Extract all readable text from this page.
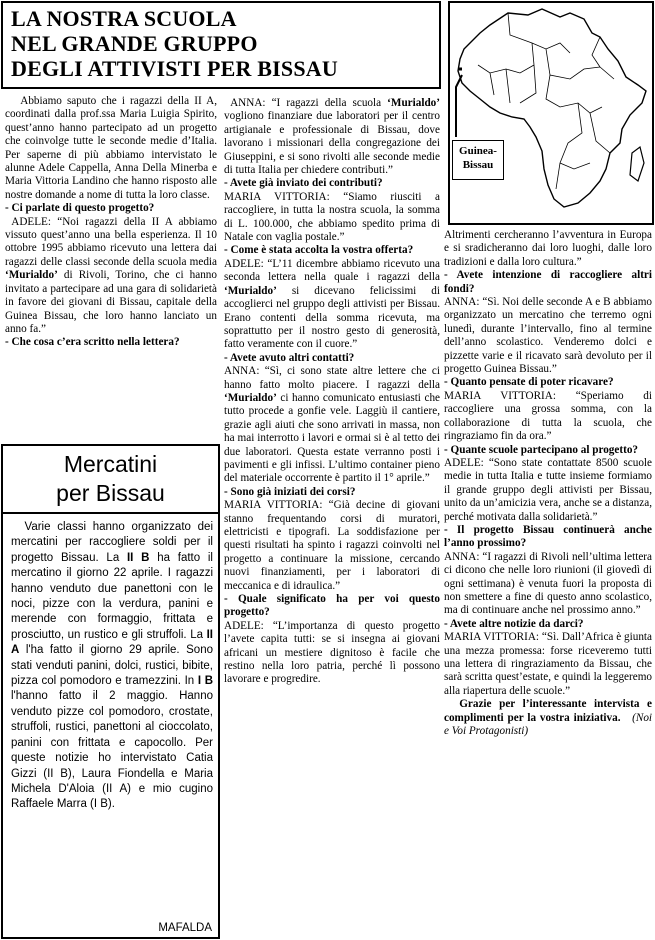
LA NOSTRA SCUOLA
NEL GRANDE GRUPPO
DEGLI ATTIVISTI PER BISSAU
Guinea-
Bissau

Abbiamo saputo che i ragazzi della II A, coordinati dalla prof.ssa Maria Luigia Spirito, quest’anno hanno partecipato ad un progetto che coinvolge tutte le seconde medie d’Italia. Per saperne di più abbiamo intervistato le alunne Adele Cappella, Anna Della Minerba e Maria Vittoria Landino che hanno risposto alle nostre domande a nome di tutta la loro classe.

- Ci parlate di questo progetto?

ADELE: “Noi ragazzi della II A abbiamo vissuto quest’anno una bella esperienza. Il 10 ottobre 1995 abbiamo ricevuto una lettera dai ragazzi delle classi seconde della scuola media ‘Murialdo’ di Rivoli, Torino, che ci hanno invitato a partecipare ad una gara di solidarietà in favore dei giovani di Bissau, capitale della Guinea Bissau, che loro hanno lanciato un anno fa.”

- Che cosa c’era scritto nella lettera?

ANNA: “I ragazzi della scuola ‘Murialdo’ vogliono finanziare due laboratori per il centro artigianale e professionale di Bissau, dove lavorano i missionari della congregazione dei Giuseppini, e si sono rivolti alle seconde medie di tutta Italia per chiedere contributi.”

- Avete già inviato dei contributi?

MARIA VITTORIA: “Siamo riusciti a raccogliere, in tutta la nostra scuola, la somma di L. 100.000, che abbiamo spedito prima di Natale con vaglia postale.”

- Come è stata accolta la vostra offerta?

ADELE: “L’11 dicembre abbiamo ricevuto una seconda lettera nella quale i ragazzi della ‘Murialdo’ si dicevano felicissimi di accoglierci nel gruppo degli attivisti per Bissau. Erano contenti della somma ricevuta, ma soprattutto per il nostro gesto di generosità, fatto veramente con il cuore.”

- Avete avuto altri contatti?

ANNA: “Sì, ci sono state altre lettere che ci hanno fatto molto piacere. I ragazzi della ‘Murialdo’ ci hanno comunicato entusiasti che tutto procede a gonfie vele. Laggiù il cantiere, grazie agli aiuti che sono arrivati in massa, non ha mai interrotto i lavori e ormai si è al tetto dei due laboratori. Questa estate verranno posti i pavimenti e gli infissi. L’ultimo container pieno del materiale occorrente è partito il 1° aprile.”

- Sono già iniziati dei corsi?

MARIA VITTORIA: “Già decine di giovani stanno frequentando corsi di muratori, elettricisti e tipografi. La soddisfazione per questi risultati ha spinto i ragazzi coinvolti nel progetto a continuare la missione, cercando nuovi finanziamenti, per i laboratori di meccanica e di idraulica.”

- Quale significato ha per voi questo progetto?

ADELE: “L’importanza di questo progetto l’avete capita tutti: se si insegna ai giovani africani un mestiere dignitoso è facile che restino nella loro patria, perché lì possono lavorare e progredire.

Altrimenti cercheranno l’avventura in Europa e si sradicheranno dai loro luoghi, dalle loro tradizioni e dalla loro cultura.”

- Avete intenzione di raccogliere altri fondi?

ANNA: “Sì. Noi delle seconde A e B abbiamo organizzato un mercatino che terremo ogni lunedì, durante l’intervallo, fino al termine dell’anno scolastico. Venderemo dolci e pizzette varie e il ricavato sarà devoluto per il progetto Guinea Bissau.”

- Quanto pensate di poter ricavare?

MARIA VITTORIA: “Speriamo di raccogliere una grossa somma, con la collaborazione di tutta la scuola, che ringraziamo fin da ora.”

- Quante scuole partecipano al progetto?

ADELE: “Sono state contattate 8500 scuole medie in tutta Italia e tutte insieme formiamo il grande gruppo degli attivisti per Bissau, unito da un’amicizia vera, anche se a distanza, perché motivata dalla solidarietà.”

- Il progetto Bissau continuerà anche l’anno prossimo?

ANNA: “I ragazzi di Rivoli nell’ultima lettera ci dicono che nelle loro riunioni (il giovedì di ogni settimana) è venuta fuori la proposta di non smettere a fine di questo anno scolastico, ma di continuare anche nel prossimo anno.”

- Avete altre notizie da darci?

MARIA VITTORIA: “Sì. Dall’Africa è giunta una mezza promessa: forse riceveremo tutti una lettera di ringraziamento da Bissau, che sarà scritta quest’estate, e quindi la leggeremo alla riapertura delle scuole.”

Grazie per l’interessante intervista e complimenti per la vostra iniziativa. (Noi e Voi Protagonisti)

Mercatini
per Bissau
Varie classi hanno organizzato dei mercatini per raccogliere soldi per il progetto Bissau. La II B ha fatto il mercatino il giorno 22 aprile. I ragazzi hanno venduto due panettoni con le noci, pizze con la verdura, panini e merende con formaggio, frittata e prosciutto, un rustico e gli struffoli. La II A l'ha fatto il giorno 29 aprile. Sono stati venduti panini, dolci, rustici, bibite, pizza col pomodoro e tramezzini. In I B l'hanno fatto il 2 maggio. Hanno venduto pizze col pomodoro, crostate, struffoli, rustici, panettoni al cioccolato, panini con frittata e capocollo. Per queste notizie ho intervistato Catia Gizzi (II B), Laura Fiondella e Maria Michela D'Aloia (II A) e mio cugino Raffaele Marra (I B).
MAFALDA
